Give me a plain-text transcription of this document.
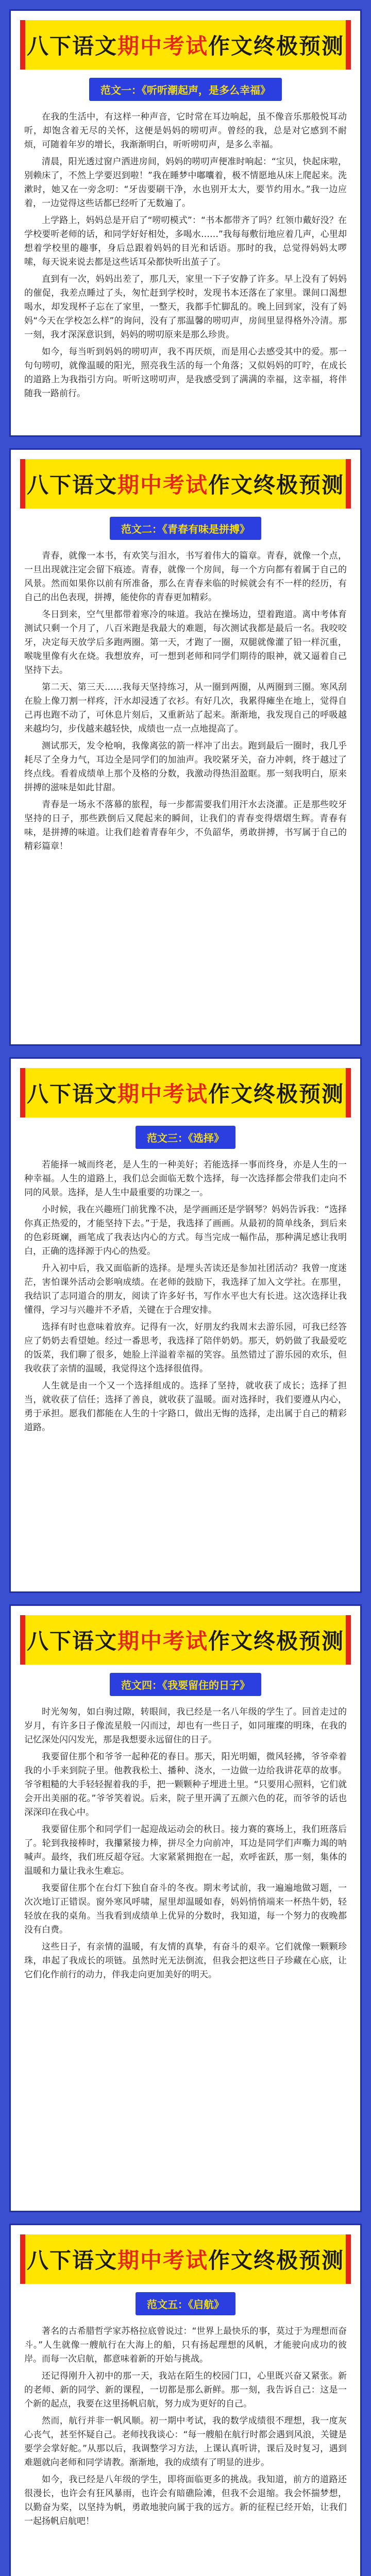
八下语文 期中考试 作文终极预测
范文一：《听听潮起声，是多么幸福》

在我的生活中，有这样一种声音，它时常在耳边响起，虽不像音乐那般悦耳动听，却饱含着无尽的关怀，这便是妈妈的唠叨声。曾经的我，总是对它感到不耐烦，可随着年岁的增长，我渐渐明白，听听唠叨声，是多么幸福。

清晨，阳光透过窗户洒进房间，妈妈的唠叨声便准时响起：“宝贝，快起床啦，别赖床了，不然上学要迟到啦！”我在睡梦中嘟囔着，极不情愿地从床上爬起来。洗漱时，她又在一旁念叨：“牙齿要刷干净，水也别开太大，要节约用水。”我一边应着，一边觉得这些话都已经听了无数遍了。

上学路上，妈妈总是开启了“唠叨模式”：“书本都带齐了吗？红领巾戴好没？在学校要听老师的话，和同学好好相处，多喝水……”我每每敷衍地应着几声，心里却想着学校里的趣事，身后总跟着妈妈的目光和话语。那时的我，总觉得妈妈太啰嗦，每天说来说去都是这些话耳朵都快听出茧子了。

直到有一次，妈妈出差了，那几天，家里一下子安静了许多。早上没有了妈妈的催促，我差点睡过了头，匆忙赶到学校时，发现书本还落在了家里。课间口渴想喝水，却发现杯子忘在了家里，一整天，我都手忙脚乱的。晚上回到家，没有了妈妈“今天在学校怎么样”的询问，没有了那温馨的唠叨声，房间里显得格外冷清。那一刻，我才深深意识到，妈妈的唠叨原来是那么珍贵。

如今，每当听到妈妈的唠叨声，我不再厌烦，而是用心去感受其中的爱。那一句句唠叨，就像温暖的阳光，照亮我生活的每一个角落；又似妈妈的叮咛，在成长的道路上为我指引方向。听听这唠叨声，是我感受到了满满的幸福，这幸福，将伴随我一路前行。

八下语文 期中考试 作文终极预测
范文二：《青春有味是拼搏》

青春，就像一本书，有欢笑与泪水，书写着伟大的篇章。青春，就像一个点，一旦出现就注定会留下痕迹。青春，就像一个房间，每一个方向都有着属于自己的风景。然而如果你以前有所准备，那么在青春来临的时候就会有不一样的经历，有自己的出色表现，拼搏，能使你的青春更加精彩。

冬日到来，空气里都带着寒冷的味道。我站在操场边，望着跑道。离中考体育测试只剩一个月了，八百米跑是我最大的难题，每次测试我都是最后一名。我咬咬牙，决定每天放学后多跑两圈。第一天，才跑了一圈，双腿就像灌了铅一样沉重，喉咙里像有火在烧。我想放弃，可一想到老师和同学们期待的眼神，就又逼着自己坚持下去。

第二天、第三天……我每天坚持练习，从一圈到两圈，从两圈到三圈。寒风刮在脸上像刀割一样疼，汗水却浸透了衣衫。有好几次，我累得瘫坐在地上，觉得自己再也跑不动了，可休息片刻后，又重新站了起来。渐渐地，我发现自己的呼吸越来越均匀，步伐越来越轻快，成绩也一点一点地提高了。

测试那天，发令枪响，我像离弦的箭一样冲了出去。跑到最后一圈时，我几乎耗尽了全身力气，耳边全是同学们的加油声。我咬紧牙关，奋力冲刺，终于越过了终点线。看着成绩单上那个及格的分数，我激动得热泪盈眶。那一刻我明白，原来拼搏的滋味是如此甘甜。

青春是一场永不落幕的旅程，每一步都需要我们用汗水去浇灌。正是那些咬牙坚持的日子，那些跌倒后又爬起来的瞬间，让我们的青春变得熠熠生辉。青春有味，是拼搏的味道。让我们趁着青春年少，不负韶华，勇敢拼搏，书写属于自己的精彩篇章！

八下语文 期中考试 作文终极预测
范文三：《选择》

若能择一城而终老，是人生的一种美好；若能选择一事而终身，亦是人生的一种幸福。人生的道路上，我们总会面临无数个选择，每一次选择都会带我们走向不同的风景。选择，是人生中最重要的功课之一。

小时候，我在兴趣班门前犹豫不决，是学画画还是学钢琴？妈妈告诉我：“选择你真正热爱的，才能坚持下去。”于是，我选择了画画。从最初的简单线条，到后来的色彩斑斓，画笔成了我表达内心的方式。每当完成一幅作品，那种满足感让我明白，正确的选择源于内心的热爱。

升入初中后，我又面临新的选择。是埋头苦读还是参加社团活动？我曾一度迷茫，害怕课外活动会影响成绩。在老师的鼓励下，我选择了加入文学社。在那里，我结识了志同道合的朋友，阅读了许多好书，写作水平也大有长进。这次选择让我懂得，学习与兴趣并不矛盾，关键在于合理安排。

选择有时也意味着放弃。记得有一次，好朋友约我周末去游乐园，可我已经答应了奶奶去看望她。经过一番思考，我选择了陪伴奶奶。那天，奶奶做了我最爱吃的饭菜，我们聊了很多，她脸上洋溢着幸福的笑容。虽然错过了游乐园的欢乐，但我收获了亲情的温暖，我觉得这个选择很值得。

人生就是由一个又一个选择组成的。选择了坚持，就收获了成长；选择了担当，就收获了信任；选择了善良，就收获了温暖。面对选择时，我们要遵从内心，勇于承担。愿我们都能在人生的十字路口，做出无悔的选择，走出属于自己的精彩道路。

八下语文 期中考试 作文终极预测
范文四：《我要留住的日子》

时光匆匆，如白驹过隙，转眼间，我已经是一名八年级的学生了。回首走过的岁月，有许多日子像流星般一闪而过，却也有一些日子，如同璀璨的明珠，在我的记忆深处闪闪发光，那是我想要永远留住的日子。

我要留住那个和爷爷一起种花的春日。那天，阳光明媚，微风轻拂，爷爷牵着我的小手来到院子里。他教我松土、播种、浇水，一边做一边给我讲花草的故事。爷爷粗糙的大手轻轻握着我的手，把一颗颗种子埋进土里。“只要用心照料，它们就会开出美丽的花。”爷爷笑着说。后来，院子里开满了五颜六色的花，而爷爷的话也深深印在我心中。

我要留住那个和同学们一起迎战运动会的秋日。接力赛的赛场上，我们班落后了。轮到我接棒时，我攥紧接力棒，拼尽全力向前冲，耳边是同学们声嘶力竭的呐喊声。最终，我们班反超夺冠。大家紧紧拥抱在一起，欢呼雀跃，那一刻，集体的温暖和力量让我永生难忘。

我要留住那个在台灯下独自奋斗的冬夜。期末考试前，我一遍遍地做习题，一次次地订正错误。窗外寒风呼啸，屋里却温暖如春，妈妈悄悄端来一杯热牛奶，轻轻放在我的桌角。当我看到成绩单上优异的分数时，我知道，每一个努力的夜晚都没有白费。

这些日子，有亲情的温暖，有友情的真挚，有奋斗的艰辛。它们就像一颗颗珍珠，串起了我成长的项链。虽然时光无法倒流，但我会把这些日子珍藏在心底，让它们化作前行的动力，伴我走向更加美好的明天。

八下语文 期中考试 作文终极预测
范文五：《启航》

著名的古希腊哲学家苏格拉底曾说过：“世界上最快乐的事，莫过于为理想而奋斗。”人生就像一艘航行在大海上的船，只有扬起理想的风帆，才能驶向成功的彼岸。而每一次启航，都意味着新的开始与挑战。

还记得刚升入初中的那一天，我站在陌生的校园门口，心里既兴奋又紧张。新的老师、新的同学、新的课程，一切都是那么新鲜。那一刻，我告诉自己：这是一个新的起点，我要在这里扬帆启航，努力成为更好的自己。

然而，航行并非一帆风顺。初一期中考试，我的数学成绩很不理想，我一度灰心丧气，甚至怀疑自己。老师找我谈心：“每一艘船在航行时都会遇到风浪，关键是要学会掌好舵。”从那以后，我调整学习方法，上课认真听讲，课后及时复习，遇到难题就向老师和同学请教。渐渐地，我的成绩有了明显的进步。

如今，我已经是八年级的学生，即将面临更多的挑战。我知道，前方的道路还很漫长，也许会有狂风暴雨，也许会有暗礁险滩，但我不会退缩。我会怀揣梦想，以勤奋为桨，以坚持为帆，勇敢地驶向属于我的远方。新的征程已经开始，让我们一起扬帆启航吧！
